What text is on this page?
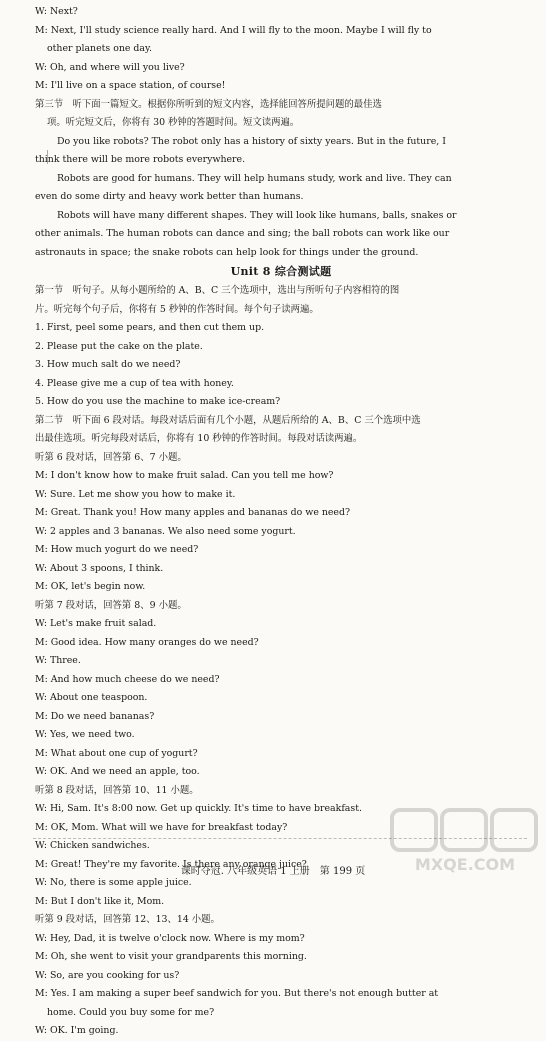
W: Next?
M: Next, I'll study science really hard. And I will fly to the moon. Maybe I will fly to
other planets one day.
W: Oh, and where will you live?
M: I'll live on a space station, of course!
第三节　听下面一篇短文。根据你所听到的短文内容，选择能回答所提问题的最佳选
项。听完短文后，你将有 30 秒钟的答题时间。短文读两遍。
Do you like robots? The robot only has a history of sixty years. But in the future, I
think there will be more robots everywhere.
Robots are good for humans. They will help humans study, work and live. They can
even do some dirty and heavy work better than humans.
Robots will have many different shapes. They will look like humans, balls, snakes or
other animals. The human robots can dance and sing; the ball robots can work like our
astronauts in space; the snake robots can help look for things under the ground.
Unit 8 综合测试题
第一节　听句子。从每小题所给的 A、B、C 三个选项中，选出与所听句子内容相符的图
片。听完每个句子后，你将有 5 秒钟的作答时间。每个句子读两遍。
1. First, peel some pears, and then cut them up.
2. Please put the cake on the plate.
3. How much salt do we need?
4. Please give me a cup of tea with honey.
5. How do you use the machine to make ice-cream?
第二节　听下面 6 段对话。每段对话后面有几个小题，从题后所给的 A、B、C 三个选项中选
出最佳选项。听完每段对话后，你将有 10 秒钟的作答时间。每段对话读两遍。
听第 6 段对话，回答第 6、7 小题。
M: I don't know how to make fruit salad. Can you tell me how?
W: Sure. Let me show you how to make it.
M: Great. Thank you! How many apples and bananas do we need?
W: 2 apples and 3 bananas. We also need some yogurt.
M: How much yogurt do we need?
W: About 3 spoons, I think.
M: OK, let's begin now.
听第 7 段对话，回答第 8、9 小题。
W: Let's make fruit salad.
M: Good idea. How many oranges do we need?
W: Three.
M: And how much cheese do we need?
W: About one teaspoon.
M: Do we need bananas?
W: Yes, we need two.
M: What about one cup of yogurt?
W: OK. And we need an apple, too.
听第 8 段对话，回答第 10、11 小题。
W: Hi, Sam. It's 8:00 now. Get up quickly. It's time to have breakfast.
M: OK, Mom. What will we have for breakfast today?
W: Chicken sandwiches.
M: Great! They're my favorite. Is there any orange juice?
W: No, there is some apple juice.
M: But I don't like it, Mom.
听第 9 段对话，回答第 12、13、14 小题。
W: Hey, Dad, it is twelve o'clock now. Where is my mom?
M: Oh, she went to visit your grandparents this morning.
W: So, are you cooking for us?
M: Yes. I am making a super beef sandwich for you. But there's not enough butter at
home. Could you buy some for me?
W: OK. I'm going.
课时夺冠. 八年级英语 1 上册　第 199 页	MXQE.COM
